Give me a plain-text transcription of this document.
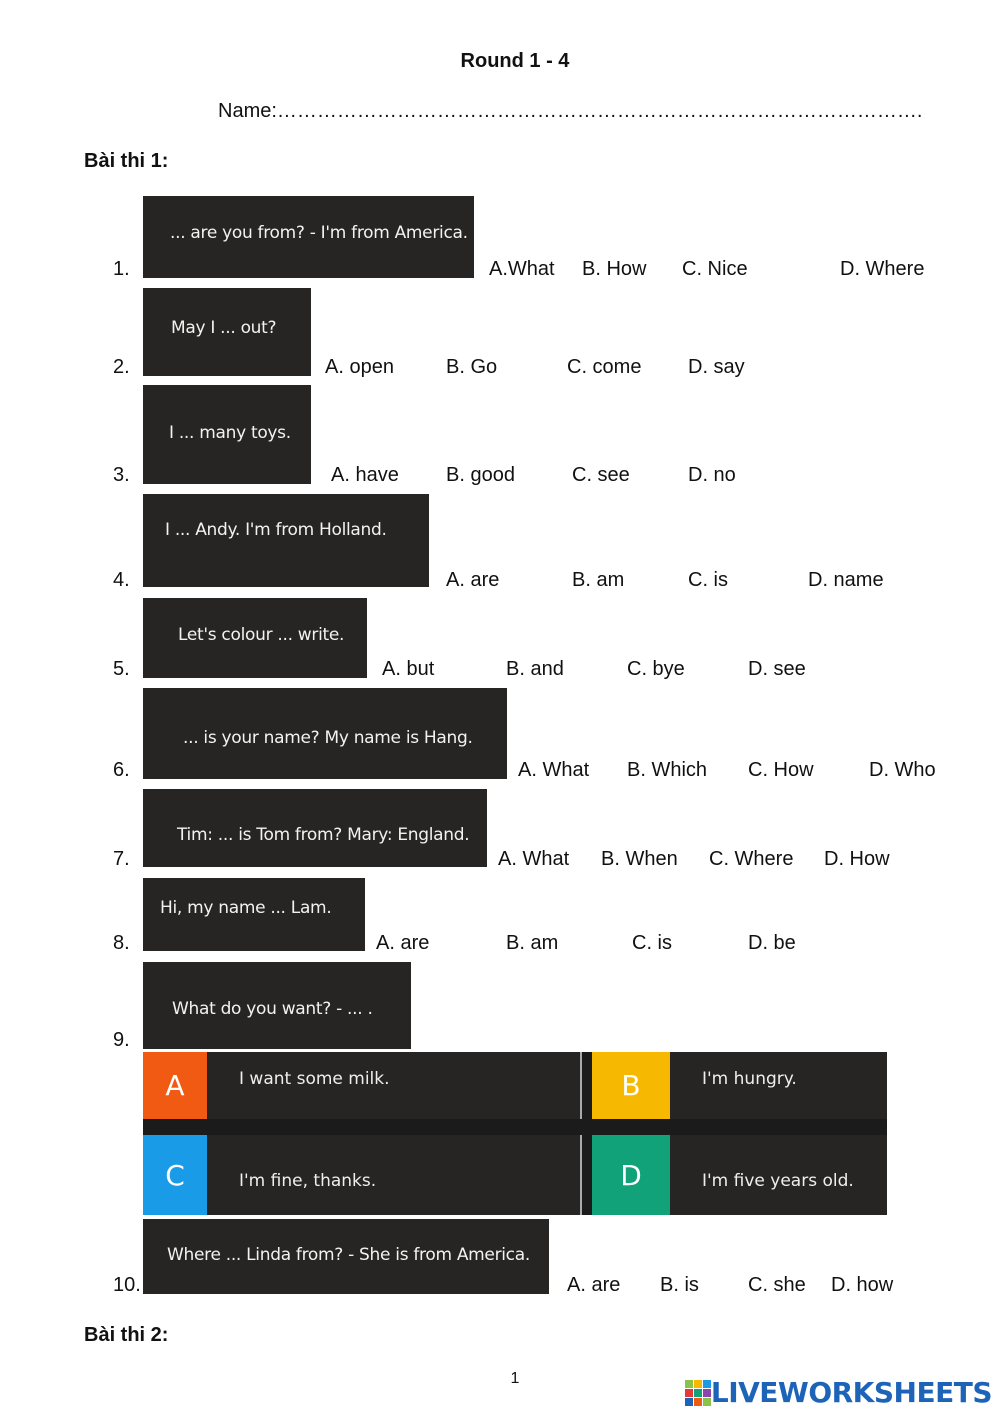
Round 1 - 4
Name:…………………………………………………………………………………….
Bài thi 1:
1.
... are you from? - I'm from America.
A.What B. How C. Nice	D. Where
2.
May I ... out?
A. open	B. Go	C. come D. say
3.
I ... many toys.
A. have B. good	C. see	D. no
4.
I ... Andy. I'm from Holland.
A. are	B. am	C. is	D. name
5.
Let's colour ... write.
A. but	B. and	C. bye	D. see
6.
... is your name? My name is Hang.
A. What B. Which C. How	D. Who
7.
Tim: ... is Tom from? Mary: England.
A. What B. When C. Where D. How
8.
Hi, my name ... Lam.
A. are	B. am	C. is	D. be
9.
What do you want? - ... .
A	I want some milk.	B	I'm hungry.
C	I'm fine, thanks.	D	I'm five years old.
10.
Where ... Linda from? - She is from America.
A. are B. is C. she D. how
Bài thi 2:
1	LIVEWORKSHEETS
